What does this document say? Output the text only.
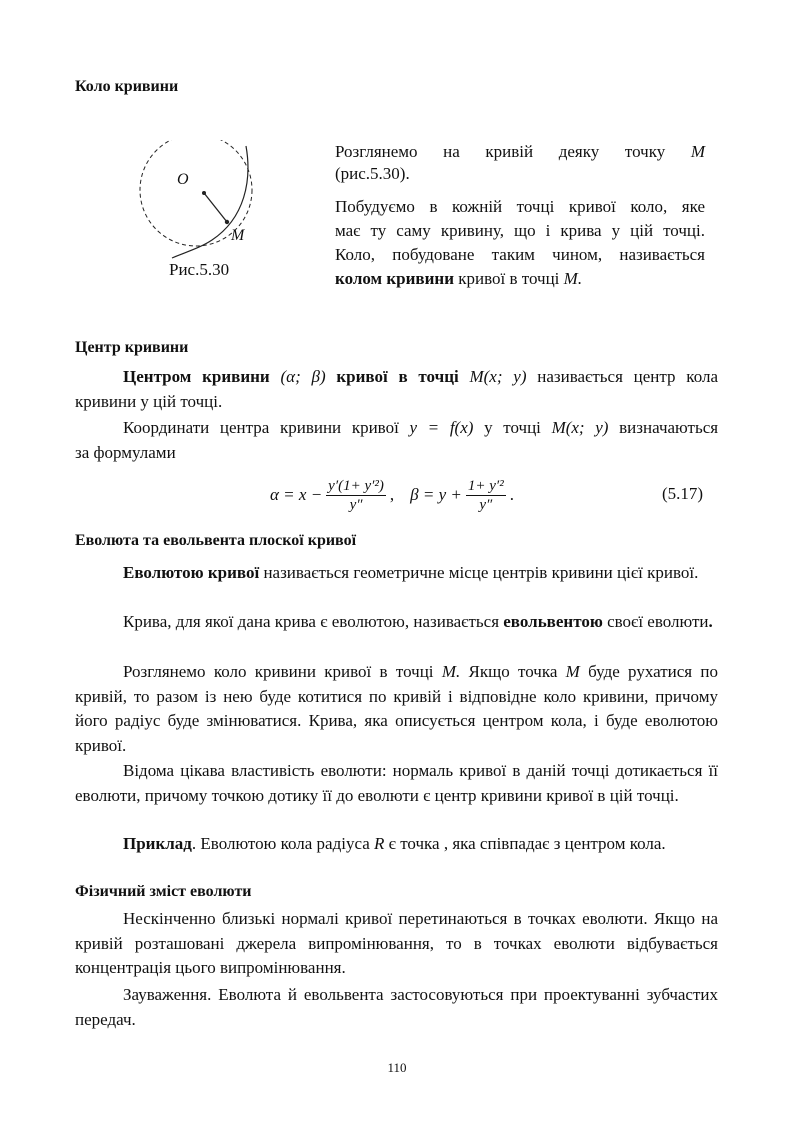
Коло кривини
O
M
Рис.5.30
Розглянемо на кривій деяку точку M
(рис.5.30).
Побудуємо в кожній точці кривої коло, яке
має ту саму кривину, що і крива у цій точці.
Коло, побудоване таким чином, називається
колом кривини кривої в точці M.
Центр кривини
Центром кривини (α; β) кривої в точці M(x; y) називається центр кола
кривини у цій точці.
Координати центра кривини кривої y = f(x) у точці M(x; y) визначаються
за формулами
$\alpha = x - \frac{\text{y′(1+ y′²)}}{y''}$ , $\beta = y + \frac{\text{1+ y′²}}{y''}$ .	(5.17)
Еволюта та евольвента плоскої кривої
Еволютою кривої називається геометричне місце центрів кривини цієї кривої.
Крива, для якої дана крива є еволютою, називається евольвентою своєї еволюти.
Розглянемо коло кривини кривої в точці M. Якщо точка M буде рухатися по кривій, то разом із нею буде котитися по кривій і відповідне коло кривини, причому його радіус буде змінюватися. Крива, яка описується центром кола, і буде еволютою кривої.
Відома цікава властивість еволюти: нормаль кривої в даній точці дотикається її еволюти, причому точкою дотику її до еволюти є центр кривини кривої в цій точці.
Приклад. Еволютою кола радіуса R є точка , яка співпадає з центром кола.
Фізичний зміст еволюти
Нескінченно близькі нормалі кривої перетинаються в точках еволюти. Якщо на кривій розташовані джерела випромінювання, то в точках еволюти відбувається концентрація цього випромінювання.
Зауваження. Еволюта й евольвента застосовуються при проектуванні зубчастих передач.
110
